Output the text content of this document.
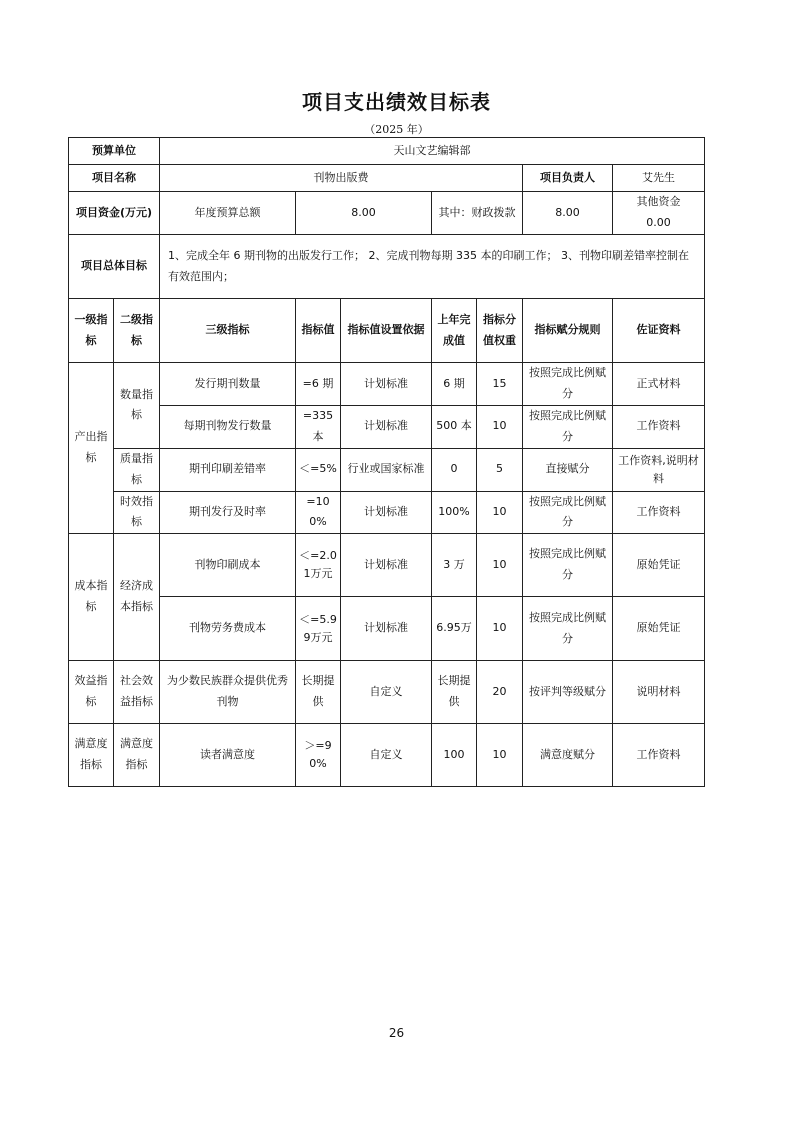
项目支出绩效目标表
（2025 年）
预算单位		天山文艺编辑部						
项目名称		刊物出版费					项目负责人	艾先生
项目资金(万元)		年度预算总额	8.00		其中：财政拨款		8.00	其他资金 0.00
项目总体目标		1、完成全年 6 期刊物的出版发行工作； 2、完成刊物每期 335 本的印刷工作； 3、刊物印刷差错率控制在有效范围内；						
一级指标	二级指标	三级指标	指标值	指标值设置依据	上年完成值	指标分值权重	指标赋分规则	佐证资料
产出指标	数量指标	发行期刊数量	=6 期	计划标准	6 期	15	按照完成比例赋分	正式材料
		每期刊物发行数量	=335本	计划标准	500 本	10	按照完成比例赋分	工作资料
	质量指标	期刊印刷差错率	＜=5%	行业或国家标准	0	5	直接赋分	工作资料,说明材料
	时效指标	期刊发行及时率	=100%	计划标准	100%	10	按照完成比例赋分	工作资料
成本指标	经济成本指标	刊物印刷成本	＜=2.01万元	计划标准	3 万	10	按照完成比例赋分	原始凭证
		刊物劳务费成本	＜=5.99万元	计划标准	6.95万	10	按照完成比例赋分	原始凭证
效益指标	社会效益指标	为少数民族群众提供优秀刊物	长期提供	自定义	长期提供	20	按评判等级赋分	说明材料
满意度指标	满意度指标	读者满意度	＞=90%	自定义	100	10	满意度赋分	工作资料
26
